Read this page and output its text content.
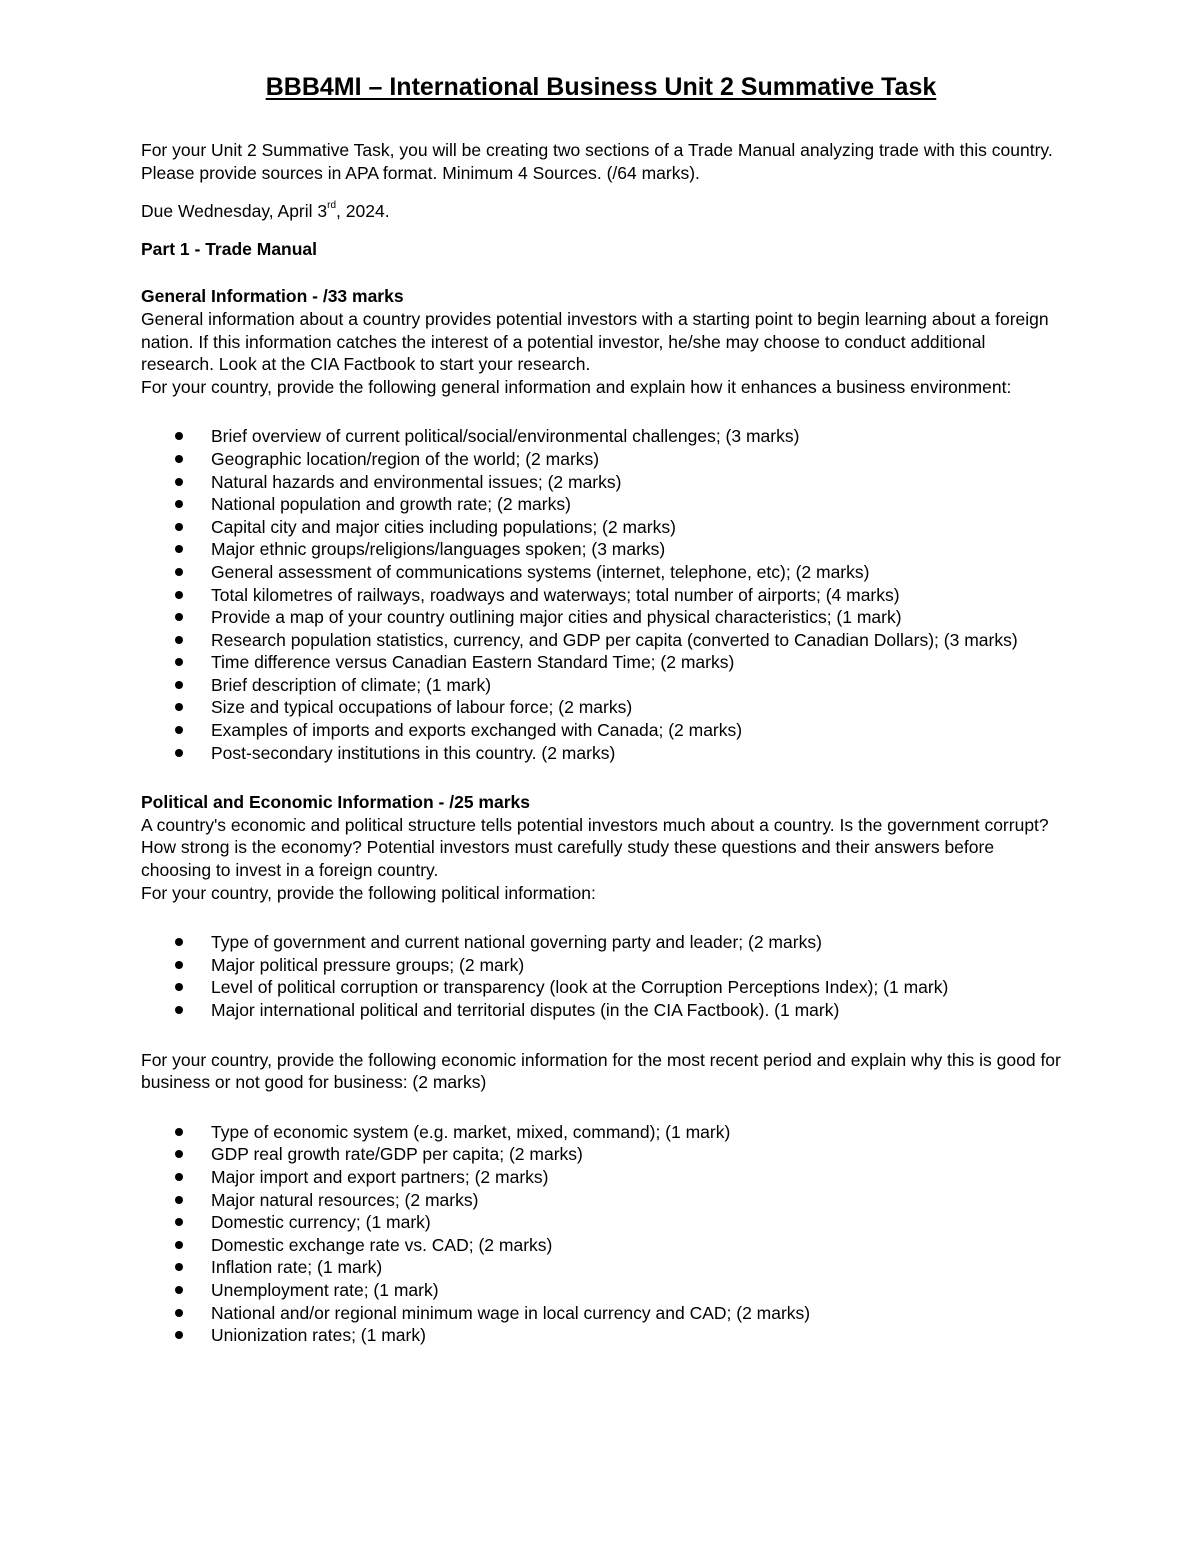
BBB4MI – International Business Unit 2 Summative Task

For your Unit 2 Summative Task, you will be creating two sections of a Trade Manual analyzing trade with this country. Please provide sources in APA format. Minimum 4 Sources. (/64 marks).

Due Wednesday, April 3rd, 2024.

Part 1 - Trade Manual

General Information - /33 marks

General information about a country provides potential investors with a starting point to begin learning about a foreign nation. If this information catches the interest of a potential investor, he/she may choose to conduct additional research. Look at the CIA Factbook to start your research.

For your country, provide the following general information and explain how it enhances a business environment:

Brief overview of current political/social/environmental challenges; (3 marks)
Geographic location/region of the world; (2 marks)
Natural hazards and environmental issues; (2 marks)
National population and growth rate; (2 marks)
Capital city and major cities including populations; (2 marks)
Major ethnic groups/religions/languages spoken; (3 marks)
General assessment of communications systems (internet, telephone, etc); (2 marks)
Total kilometres of railways, roadways and waterways; total number of airports; (4 marks)
Provide a map of your country outlining major cities and physical characteristics; (1 mark)
Research population statistics, currency, and GDP per capita (converted to Canadian Dollars); (3 marks)
Time difference versus Canadian Eastern Standard Time; (2 marks)
Brief description of climate; (1 mark)
Size and typical occupations of labour force; (2 marks)
Examples of imports and exports exchanged with Canada; (2 marks)
Post-secondary institutions in this country. (2 marks)

Political and Economic Information - /25 marks

A country's economic and political structure tells potential investors much about a country. Is the government corrupt? How strong is the economy? Potential investors must carefully study these questions and their answers before choosing to invest in a foreign country.

For your country, provide the following political information:

Type of government and current national governing party and leader; (2 marks)
Major political pressure groups; (2 mark)
Level of political corruption or transparency (look at the Corruption Perceptions Index); (1 mark)
Major international political and territorial disputes (in the CIA Factbook). (1 mark)

For your country, provide the following economic information for the most recent period and explain why this is good for business or not good for business: (2 marks)

Type of economic system (e.g. market, mixed, command); (1 mark)
GDP real growth rate/GDP per capita; (2 marks)
Major import and export partners; (2 marks)
Major natural resources; (2 marks)
Domestic currency; (1 mark)
Domestic exchange rate vs. CAD; (2 marks)
Inflation rate; (1 mark)
Unemployment rate; (1 mark)
National and/or regional minimum wage in local currency and CAD; (2 marks)
Unionization rates; (1 mark)
